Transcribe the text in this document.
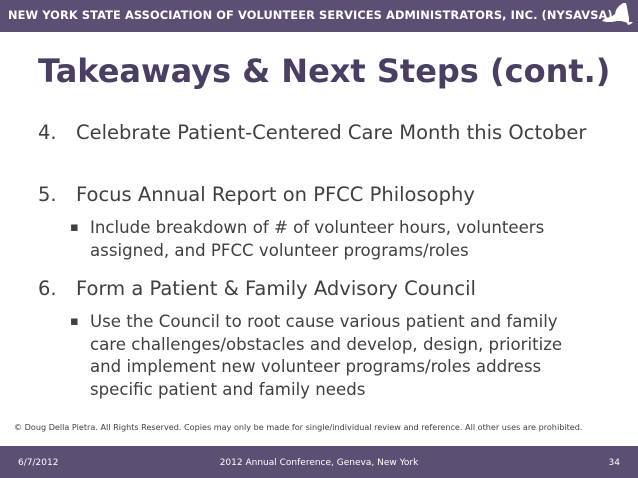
NEW YORK STATE ASSOCIATION OF VOLUNTEER SERVICES ADMINISTRATORS, INC. (NYSAVSA)
Takeaways & Next Steps (cont.)
4. Celebrate Patient-Centered Care Month this October
5. Focus Annual Report on PFCC Philosophy
▪ Include breakdown of # of volunteer hours, volunteers assigned, and PFCC volunteer programs/roles
6. Form a Patient & Family Advisory Council
▪ Use the Council to root cause various patient and family care challenges/obstacles and develop, design, prioritize and implement new volunteer programs/roles address specific patient and family needs
© Doug Della Pietra. All Rights Reserved. Copies may only be made for single/individual review and reference. All other uses are prohibited.
6/7/2012	2012 Annual Conference, Geneva, New York	34
